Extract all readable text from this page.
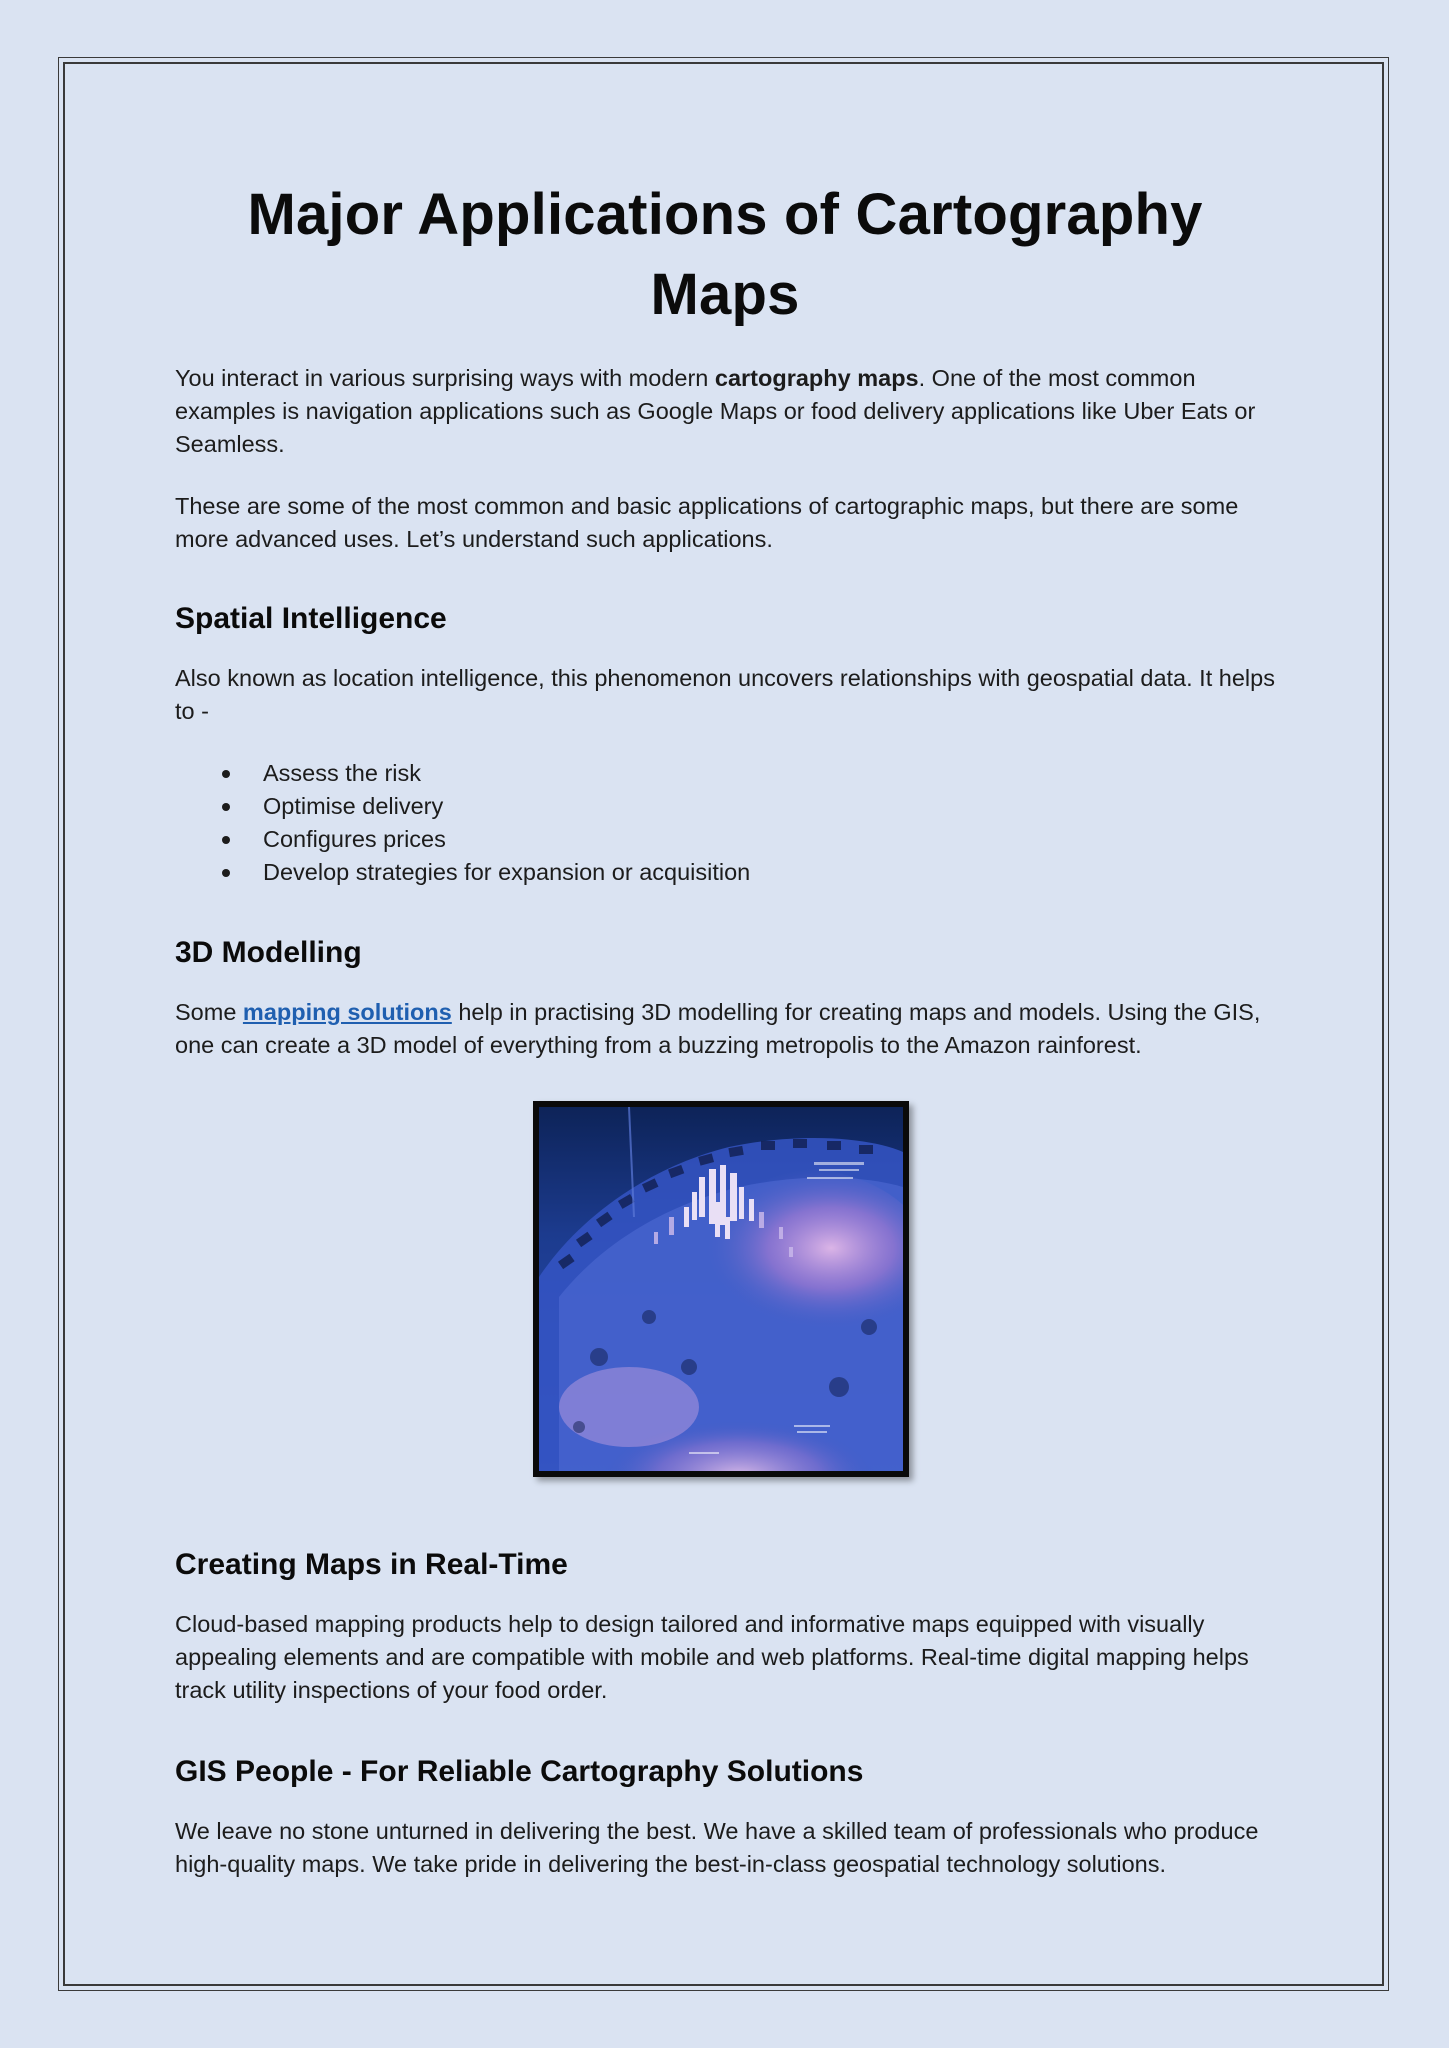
Major Applications of Cartography Maps

You interact in various surprising ways with modern cartography maps. One of the most common examples is navigation applications such as Google Maps or food delivery applications like Uber Eats or Seamless.

These are some of the most common and basic applications of cartographic maps, but there are some more advanced uses. Let’s understand such applications.

Spatial Intelligence

Also known as location intelligence, this phenomenon uncovers relationships with geospatial data. It helps to -

Assess the risk
Optimise delivery
Configures prices
Develop strategies for expansion or acquisition
3D Modelling

Some mapping solutions help in practising 3D modelling for creating maps and models. Using the GIS, one can create a 3D model of everything from a buzzing metropolis to the Amazon rainforest.

Creating Maps in Real-Time

Cloud-based mapping products help to design tailored and informative maps equipped with visually appealing elements and are compatible with mobile and web platforms. Real-time digital mapping helps track utility inspections of your food order.

GIS People - For Reliable Cartography Solutions

We leave no stone unturned in delivering the best. We have a skilled team of professionals who produce high-quality maps. We take pride in delivering the best-in-class geospatial technology solutions.
